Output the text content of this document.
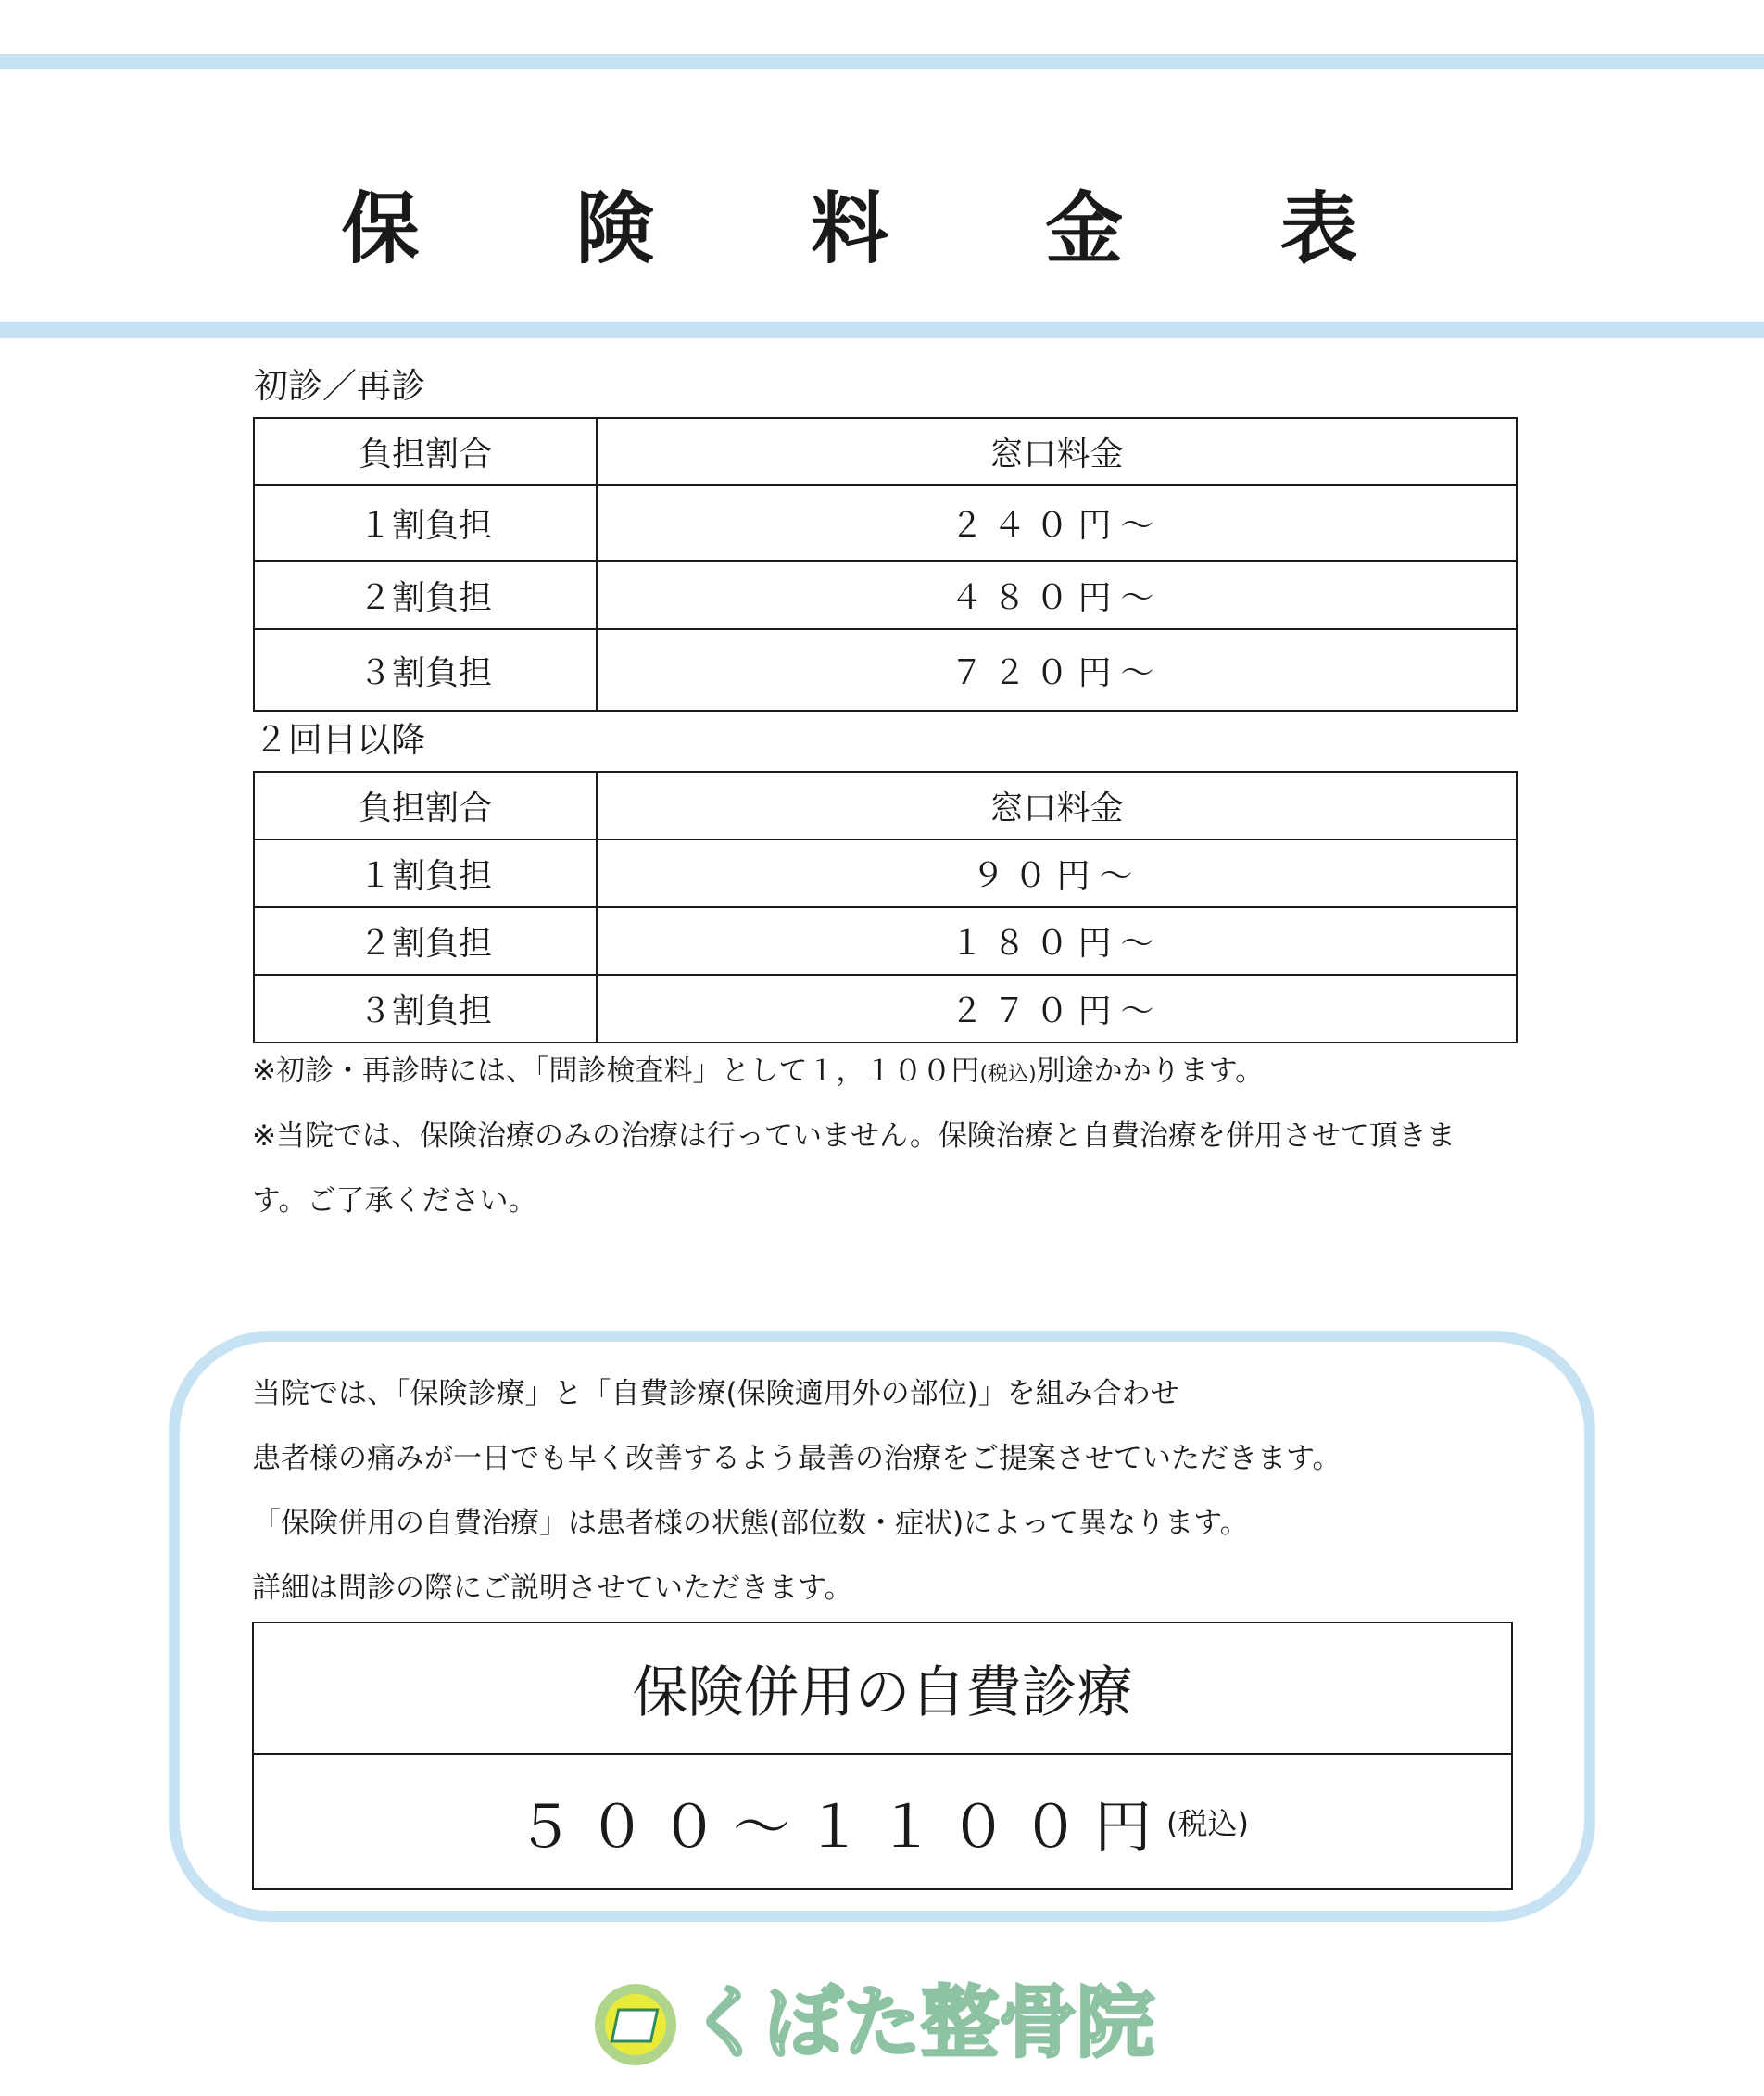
保 険 料 金 表
初診／再診
負担割合	窓口料金
１割負担	２４０円～
２割負担	４８０円～
３割負担	７２０円～
２回目以降
負担割合	窓口料金
１割負担	９０円～
２割負担	１８０円～
３割負担	２７０円～
※初診・再診時には、「問診検査料」として１，１００円(税込)別途かかります。
※当院では、保険治療のみの治療は行っていません。保険治療と自費治療を併用させて頂きま
す。ご了承ください。
当院では、「保険診療」と「自費診療(保険適用外の部位)」を組み合わせ
患者様の痛みが一日でも早く改善するよう最善の治療をご提案させていただきます。
「保険併用の自費治療」は患者様の状態(部位数・症状)によって異なります。
詳細は問診の際にご説明させていただきます。
保険併用の自費診療
５００～１１００円 (税込)
くぼた整骨院
